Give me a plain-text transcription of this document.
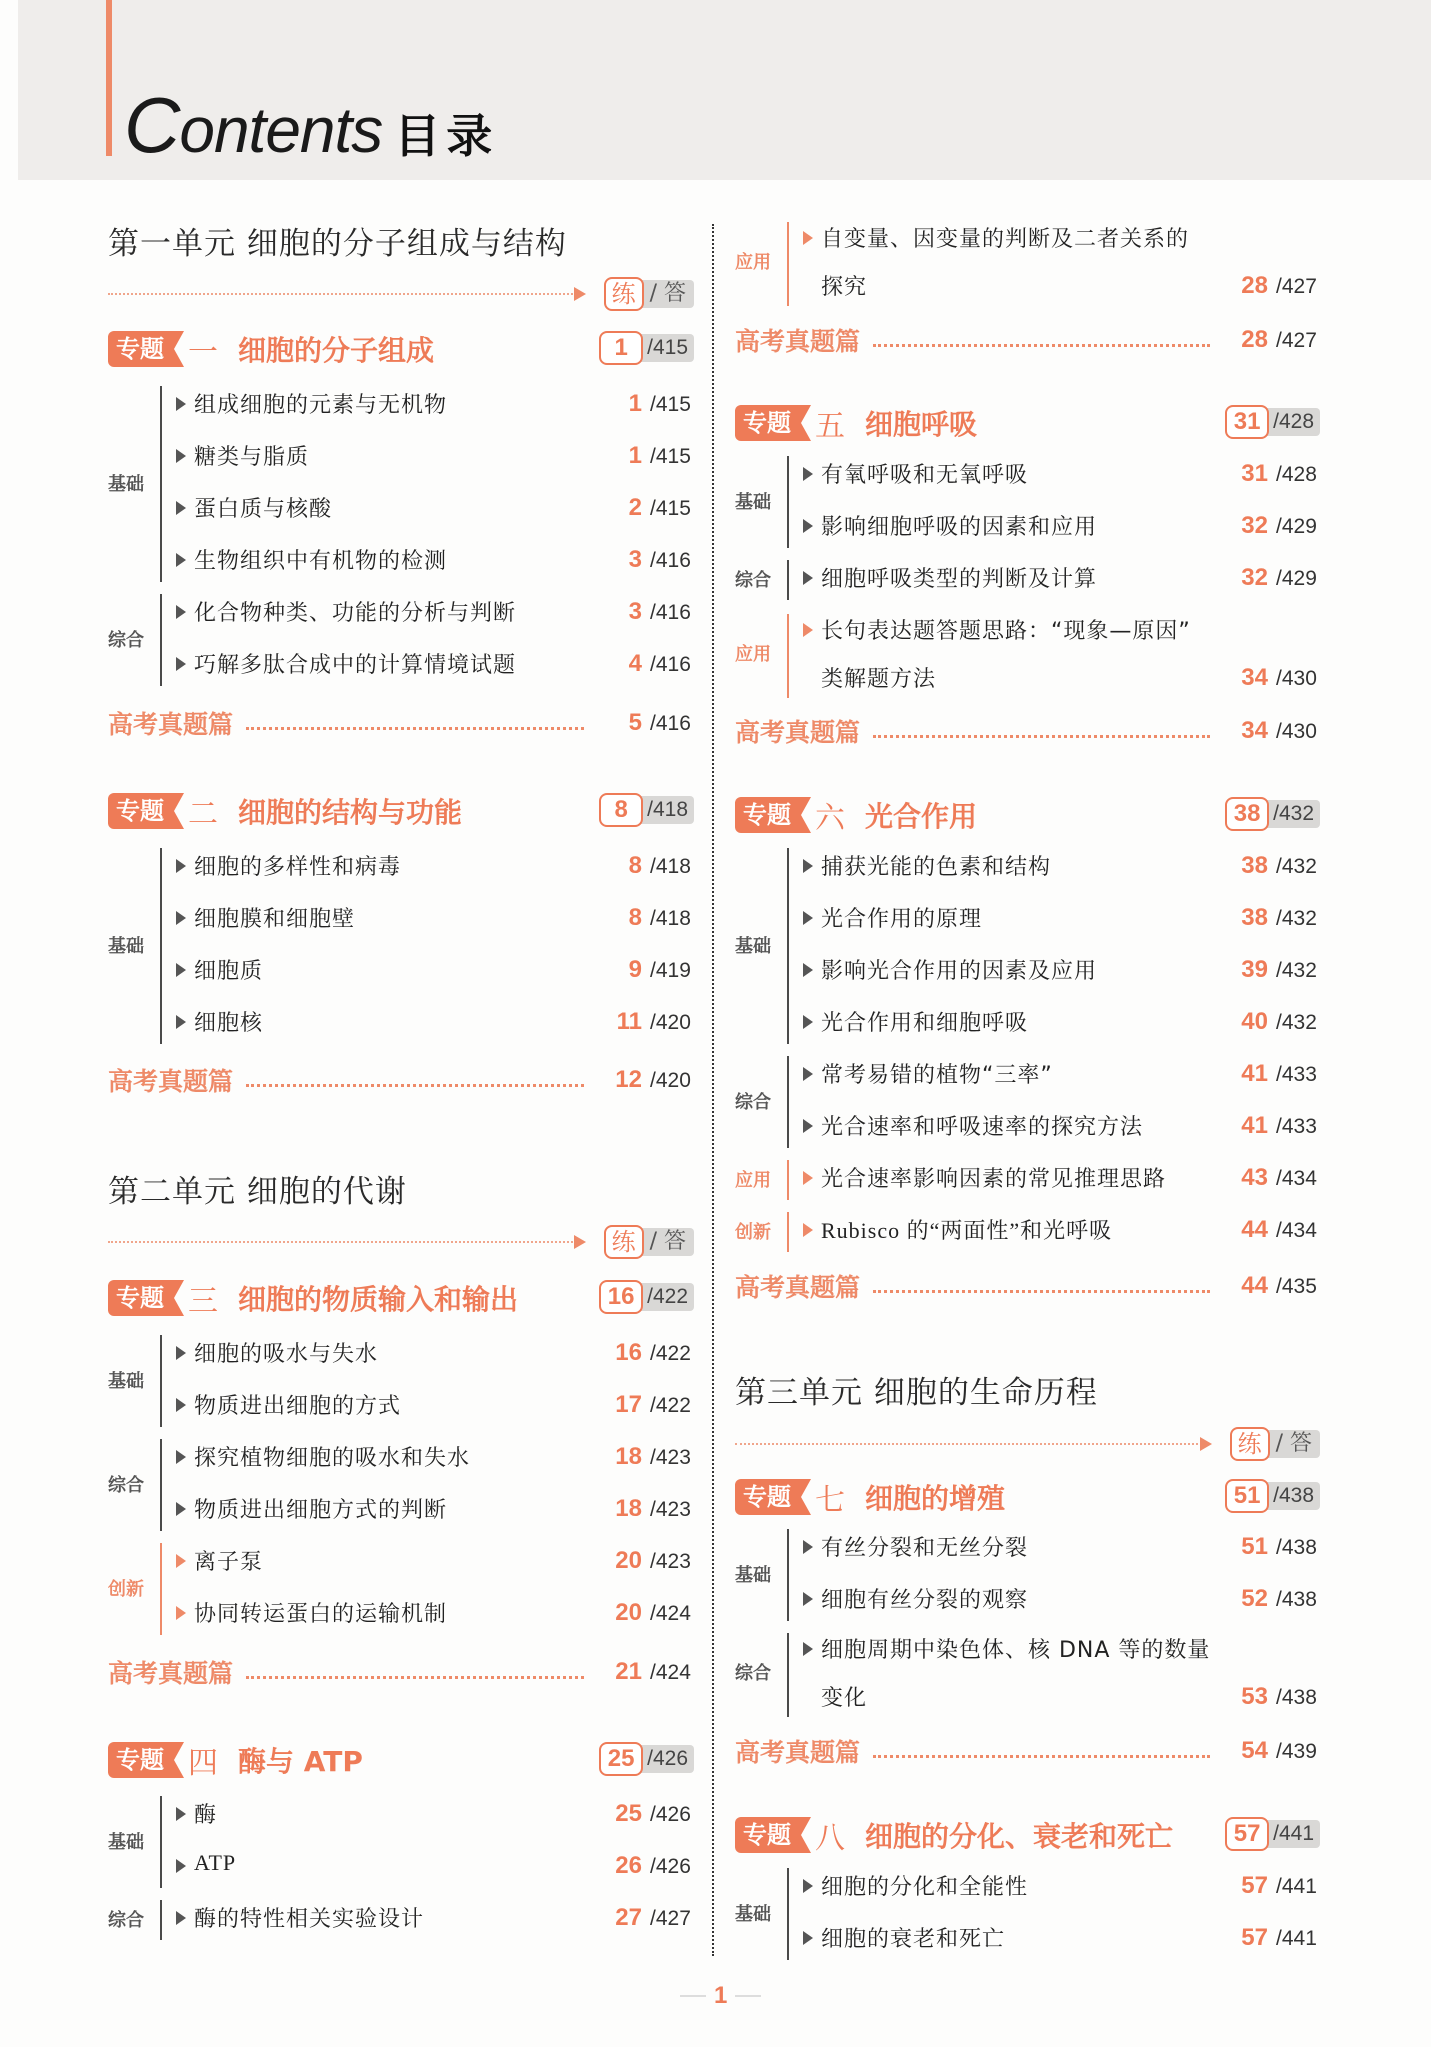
Contents 目录
第一单元 细胞的分子组成与结构
练 / 答
专题 一 细胞的分子组成	1 /415
基础
组成细胞的元素与无机物	1 /415
糖类与脂质	1 /415
蛋白质与核酸	2 /415
生物组织中有机物的检测	3 /416
综合
化合物种类、功能的分析与判断	3 /416
巧解多肽合成中的计算情境试题	4 /416
高考真题篇	5 /416
专题 二 细胞的结构与功能	8 /418
基础
细胞的多样性和病毒	8 /418
细胞膜和细胞壁	8 /418
细胞质	9 /419
细胞核	11 /420
高考真题篇	12 /420
第二单元 细胞的代谢
练 / 答
专题 三 细胞的物质输入和输出	16 /422
基础
细胞的吸水与失水	16 /422
物质进出细胞的方式	17 /422
综合
探究植物细胞的吸水和失水	18 /423
物质进出细胞方式的判断	18 /423
创新
离子泵	20 /423
协同转运蛋白的运输机制	20 /424
高考真题篇	21 /424
专题 四 酶与 ATP	25 /426
基础
酶	25 /426
ATP	26 /426
综合 酶的特性相关实验设计	27 /427
应用
自变量、因变量的判断及二者关系的
探究	28 /427
高考真题篇	28 /427
专题 五 细胞呼吸	31 /428
基础
有氧呼吸和无氧呼吸	31 /428
影响细胞呼吸的因素和应用	32 /429
综合 细胞呼吸类型的判断及计算	32 /429
应用
长句表达题答题思路：“现象—原因”
类解题方法	34 /430
高考真题篇	34 /430
专题 六 光合作用	38 /432
基础
捕获光能的色素和结构	38 /432
光合作用的原理	38 /432
影响光合作用的因素及应用	39 /432
光合作用和细胞呼吸	40 /432
综合
常考易错的植物“三率”	41 /433
光合速率和呼吸速率的探究方法	41 /433
应用 光合速率影响因素的常见推理思路	43 /434
创新 Rubisco 的“两面性”和光呼吸	44 /434
高考真题篇	44 /435
第三单元 细胞的生命历程
练 / 答
专题 七 细胞的增殖	51 /438
基础
有丝分裂和无丝分裂	51 /438
细胞有丝分裂的观察	52 /438
综合
细胞周期中染色体、核 DNA 等的数量
变化	53 /438
高考真题篇	54 /439
专题 八 细胞的分化、衰老和死亡	57 /441
基础
细胞的分化和全能性	57 /441
细胞的衰老和死亡	57 /441
1
